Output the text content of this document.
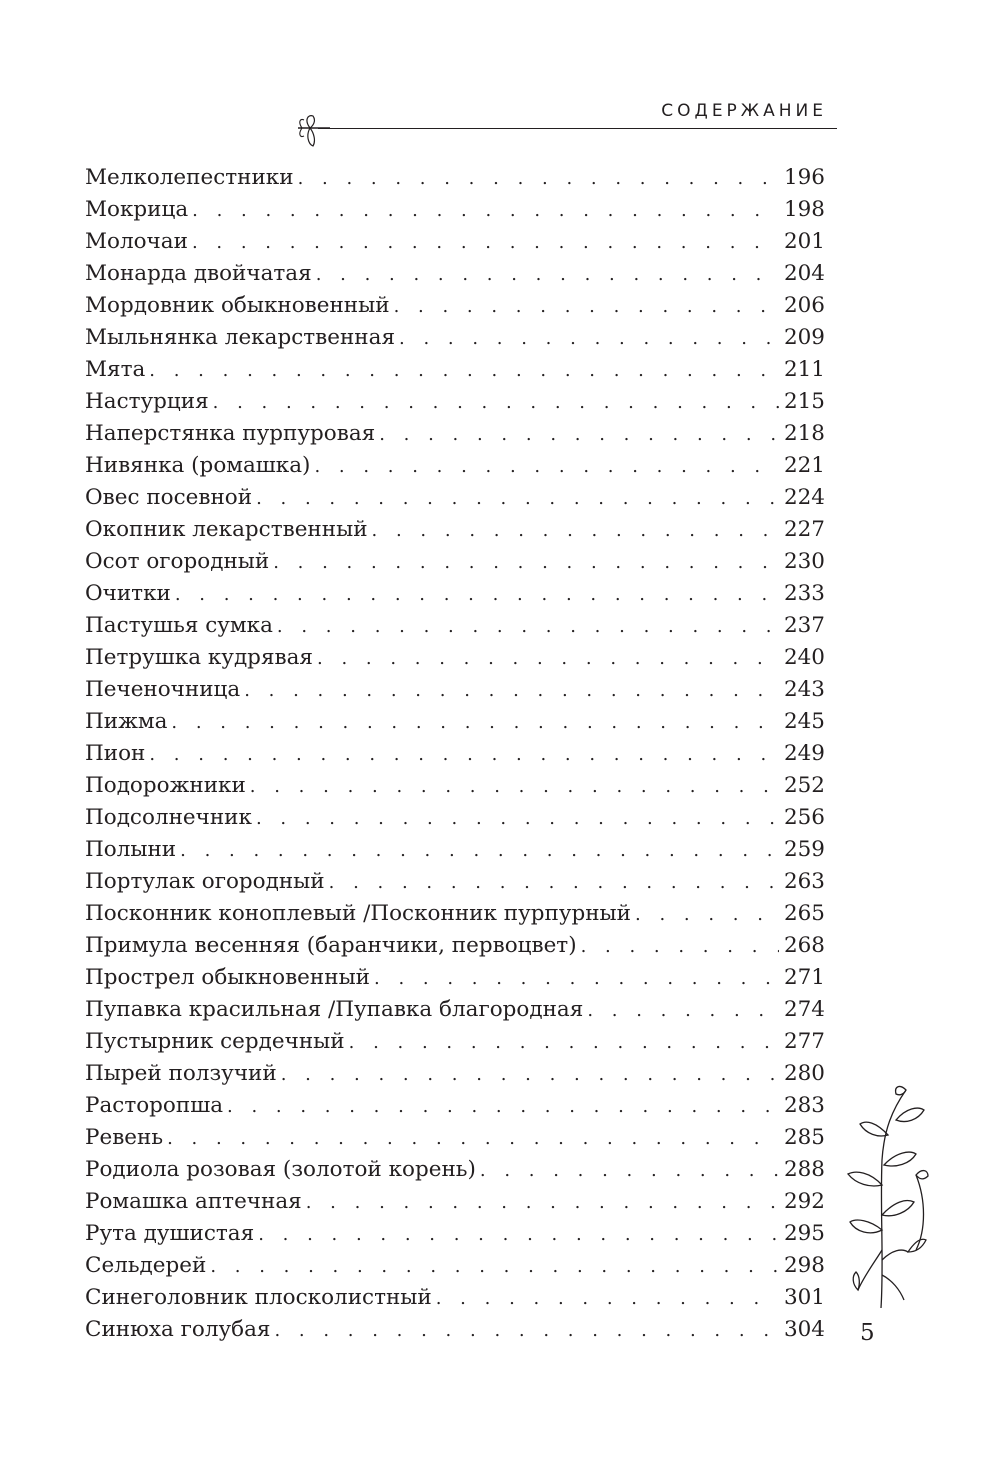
СОДЕРЖАНИЕ
Мелколепестники . . .	196
Мокрица . . .	198
Молочаи . . .	201
Монарда двойчатая . . .	204
Мордовник обыкновенный . . .	206
Мыльнянка лекарственная . . .	209
Мята . . .	211
Настурция . . .	215
Наперстянка пурпуровая . . .	218
Нивянка (ромашка) . . .	221
Овес посевной . . .	224
Окопник лекарственный . . .	227
Осот огородный . . .	230
Очитки . . .	233
Пастушья сумка . . .	237
Петрушка кудрявая . . .	240
Печеночница . . .	243
Пижма . . .	245
Пион . . .	249
Подорожники . . .	252
Подсолнечник . . .	256
Полыни . . .	259
Портулак огородный . . .	263
Посконник коноплевый /Посконник пурпурный . . .	265
Примула весенняя (баранчики, первоцвет) . . .	268
Прострел обыкновенный . . .	271
Пупавка красильная /Пупавка благородная . . .	274
Пустырник сердечный . . .	277
Пырей ползучий . . .	280
Расторопша . . .	283
Ревень . . .	285
Родиола розовая (золотой корень) . . .	288
Ромашка аптечная . . .	292
Рута душистая . . .	295
Сельдерей . . .	298
Синеголовник плосколистный . . .	301
Синюха голубая . . .	304 5
